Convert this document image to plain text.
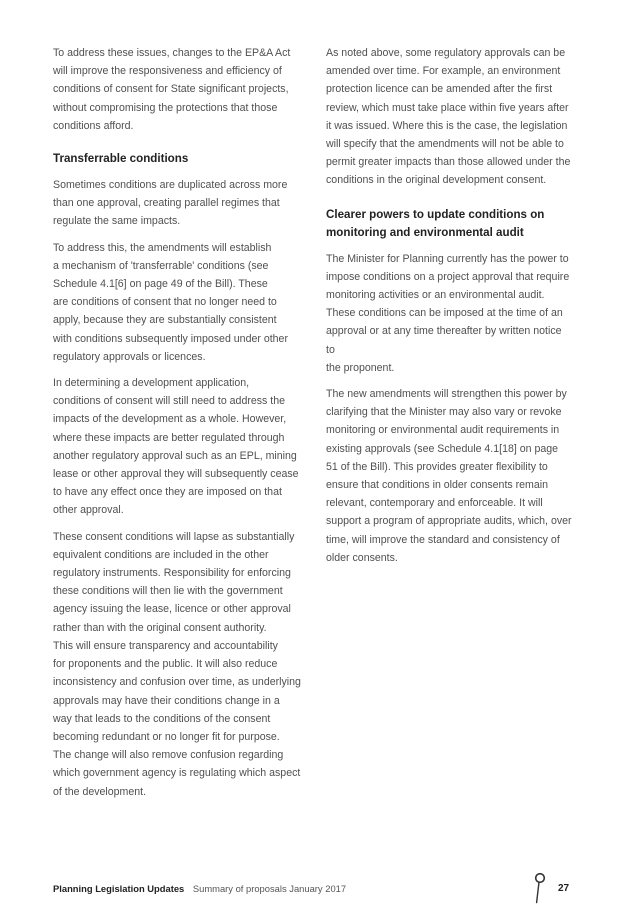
To address these issues, changes to the EP&A Act
will improve the responsiveness and efficiency of
conditions of consent for State significant projects,
without compromising the protections that those
conditions afford.

Transferrable conditions

Sometimes conditions are duplicated across more
than one approval, creating parallel regimes that
regulate the same impacts.

To address this, the amendments will establish
a mechanism of 'transferrable' conditions (see
Schedule 4.1[6] on page 49 of the Bill). These
are conditions of consent that no longer need to
apply, because they are substantially consistent
with conditions subsequently imposed under other
regulatory approvals or licences.

In determining a development application,
conditions of consent will still need to address the
impacts of the development as a whole. However,
where these impacts are better regulated through
another regulatory approval such as an EPL, mining
lease or other approval they will subsequently cease
to have any effect once they are imposed on that
other approval.

These consent conditions will lapse as substantially
equivalent conditions are included in the other
regulatory instruments. Responsibility for enforcing
these conditions will then lie with the government
agency issuing the lease, licence or other approval
rather than with the original consent authority.
This will ensure transparency and accountability
for proponents and the public. It will also reduce
inconsistency and confusion over time, as underlying
approvals may have their conditions change in a
way that leads to the conditions of the consent
becoming redundant or no longer fit for purpose.
The change will also remove confusion regarding
which government agency is regulating which aspect
of the development.

As noted above, some regulatory approvals can be
amended over time. For example, an environment
protection licence can be amended after the first
review, which must take place within five years after
it was issued. Where this is the case, the legislation
will specify that the amendments will not be able to
permit greater impacts than those allowed under the
conditions in the original development consent.

Clearer powers to update conditions on
monitoring and environmental audit

The Minister for Planning currently has the power to
impose conditions on a project approval that require
monitoring activities or an environmental audit.
These conditions can be imposed at the time of an
approval or at any time thereafter by written notice to
the proponent.

The new amendments will strengthen this power by
clarifying that the Minister may also vary or revoke
monitoring or environmental audit requirements in
existing approvals (see Schedule 4.1[18] on page
51 of the Bill). This provides greater flexibility to
ensure that conditions in older consents remain
relevant, contemporary and enforceable. It will
support a program of appropriate audits, which, over
time, will improve the standard and consistency of
older consents.

Planning Legislation Updates Summary of proposals January 2017	27
